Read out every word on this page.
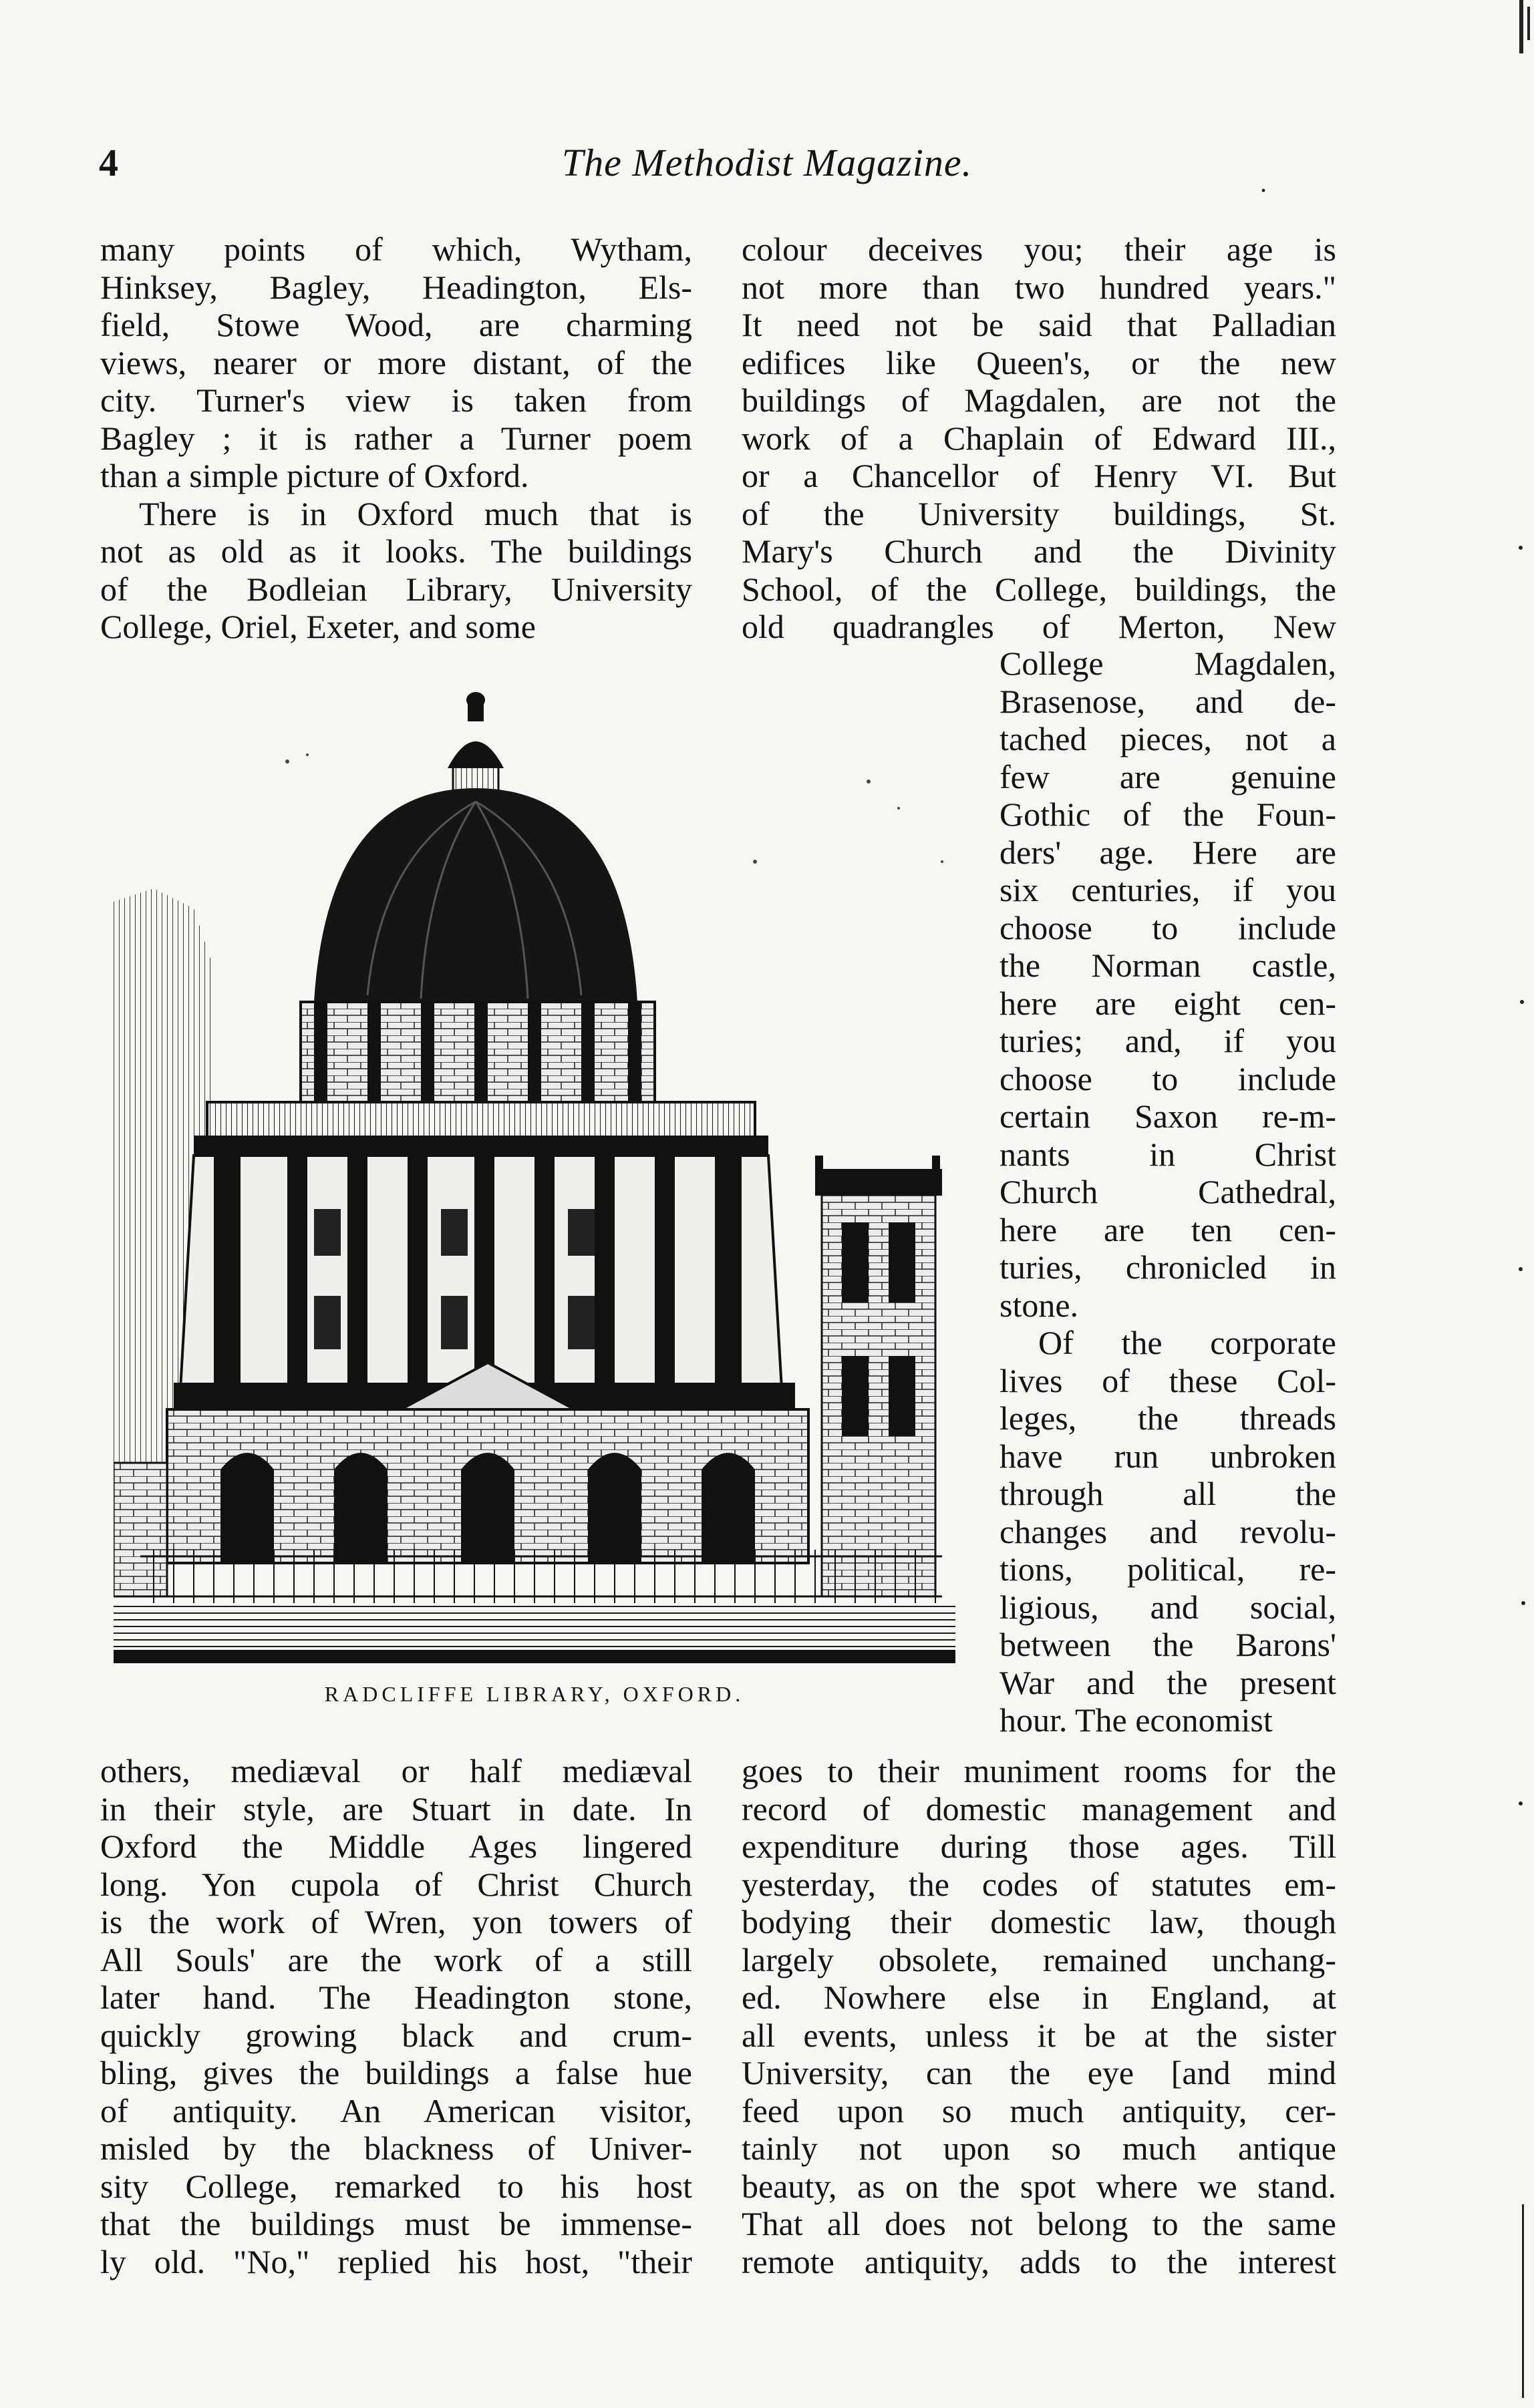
4	The Methodist Magazine.	.
many points of which, Wytham,
Hinksey, Bagley, Headington, Els-
field, Stowe Wood, are charming
views, nearer or more distant, of the
city. Turner's view is taken from
Bagley ; it is rather a Turner poem
than a simple picture of Oxford.
There is in Oxford much that is
not as old as it looks. The buildings
of the Bodleian Library, University
College, Oriel, Exeter, and some
colour deceives you; their age is
not more than two hundred years."
It need not be said that Palladian
edifices like Queen's, or the new
buildings of Magdalen, are not the
work of a Chaplain of Edward III.,
or a Chancellor of Henry VI. But
of the University buildings, St.
Mary's Church and the Divinity
School, of the College, buildings, the
old quadrangles of Merton, New
College Magdalen,
Brasenose, and de-
tached pieces, not a
few are genuine
Gothic of the Foun-
ders' age. Here are
six centuries, if you
choose to include
the Norman castle,
here are eight cen-
turies; and, if you
choose to include
certain Saxon re-m-
nants in Christ
Church Cathedral,
here are ten cen-
turies, chronicled in
stone.
Of the corporate
lives of these Col-
leges, the threads
have run unbroken
through all the
changes and revolu-
tions, political, re-
ligious, and social,
between the Barons'
War and the present
hour. The economist
others, mediæval or half mediæval
in their style, are Stuart in date. In
Oxford the Middle Ages lingered
long. Yon cupola of Christ Church
is the work of Wren, yon towers of
All Souls' are the work of a still
later hand. The Headington stone,
quickly growing black and crum-
bling, gives the buildings a false hue
of antiquity. An American visitor,
misled by the blackness of Univer-
sity College, remarked to his host
that the buildings must be immense-
ly old. "No," replied his host, "their
goes to their muniment rooms for the
record of domestic management and
expenditure during those ages. Till
yesterday, the codes of statutes em-
bodying their domestic law, though
largely obsolete, remained unchang-
ed. Nowhere else in England, at
all events, unless it be at the sister
University, can the eye [and mind
feed upon so much antiquity, cer-
tainly not upon so much antique
beauty, as on the spot where we stand.
That all does not belong to the same
remote antiquity, adds to the interest
RADCLIFFE LIBRARY, OXFORD.
